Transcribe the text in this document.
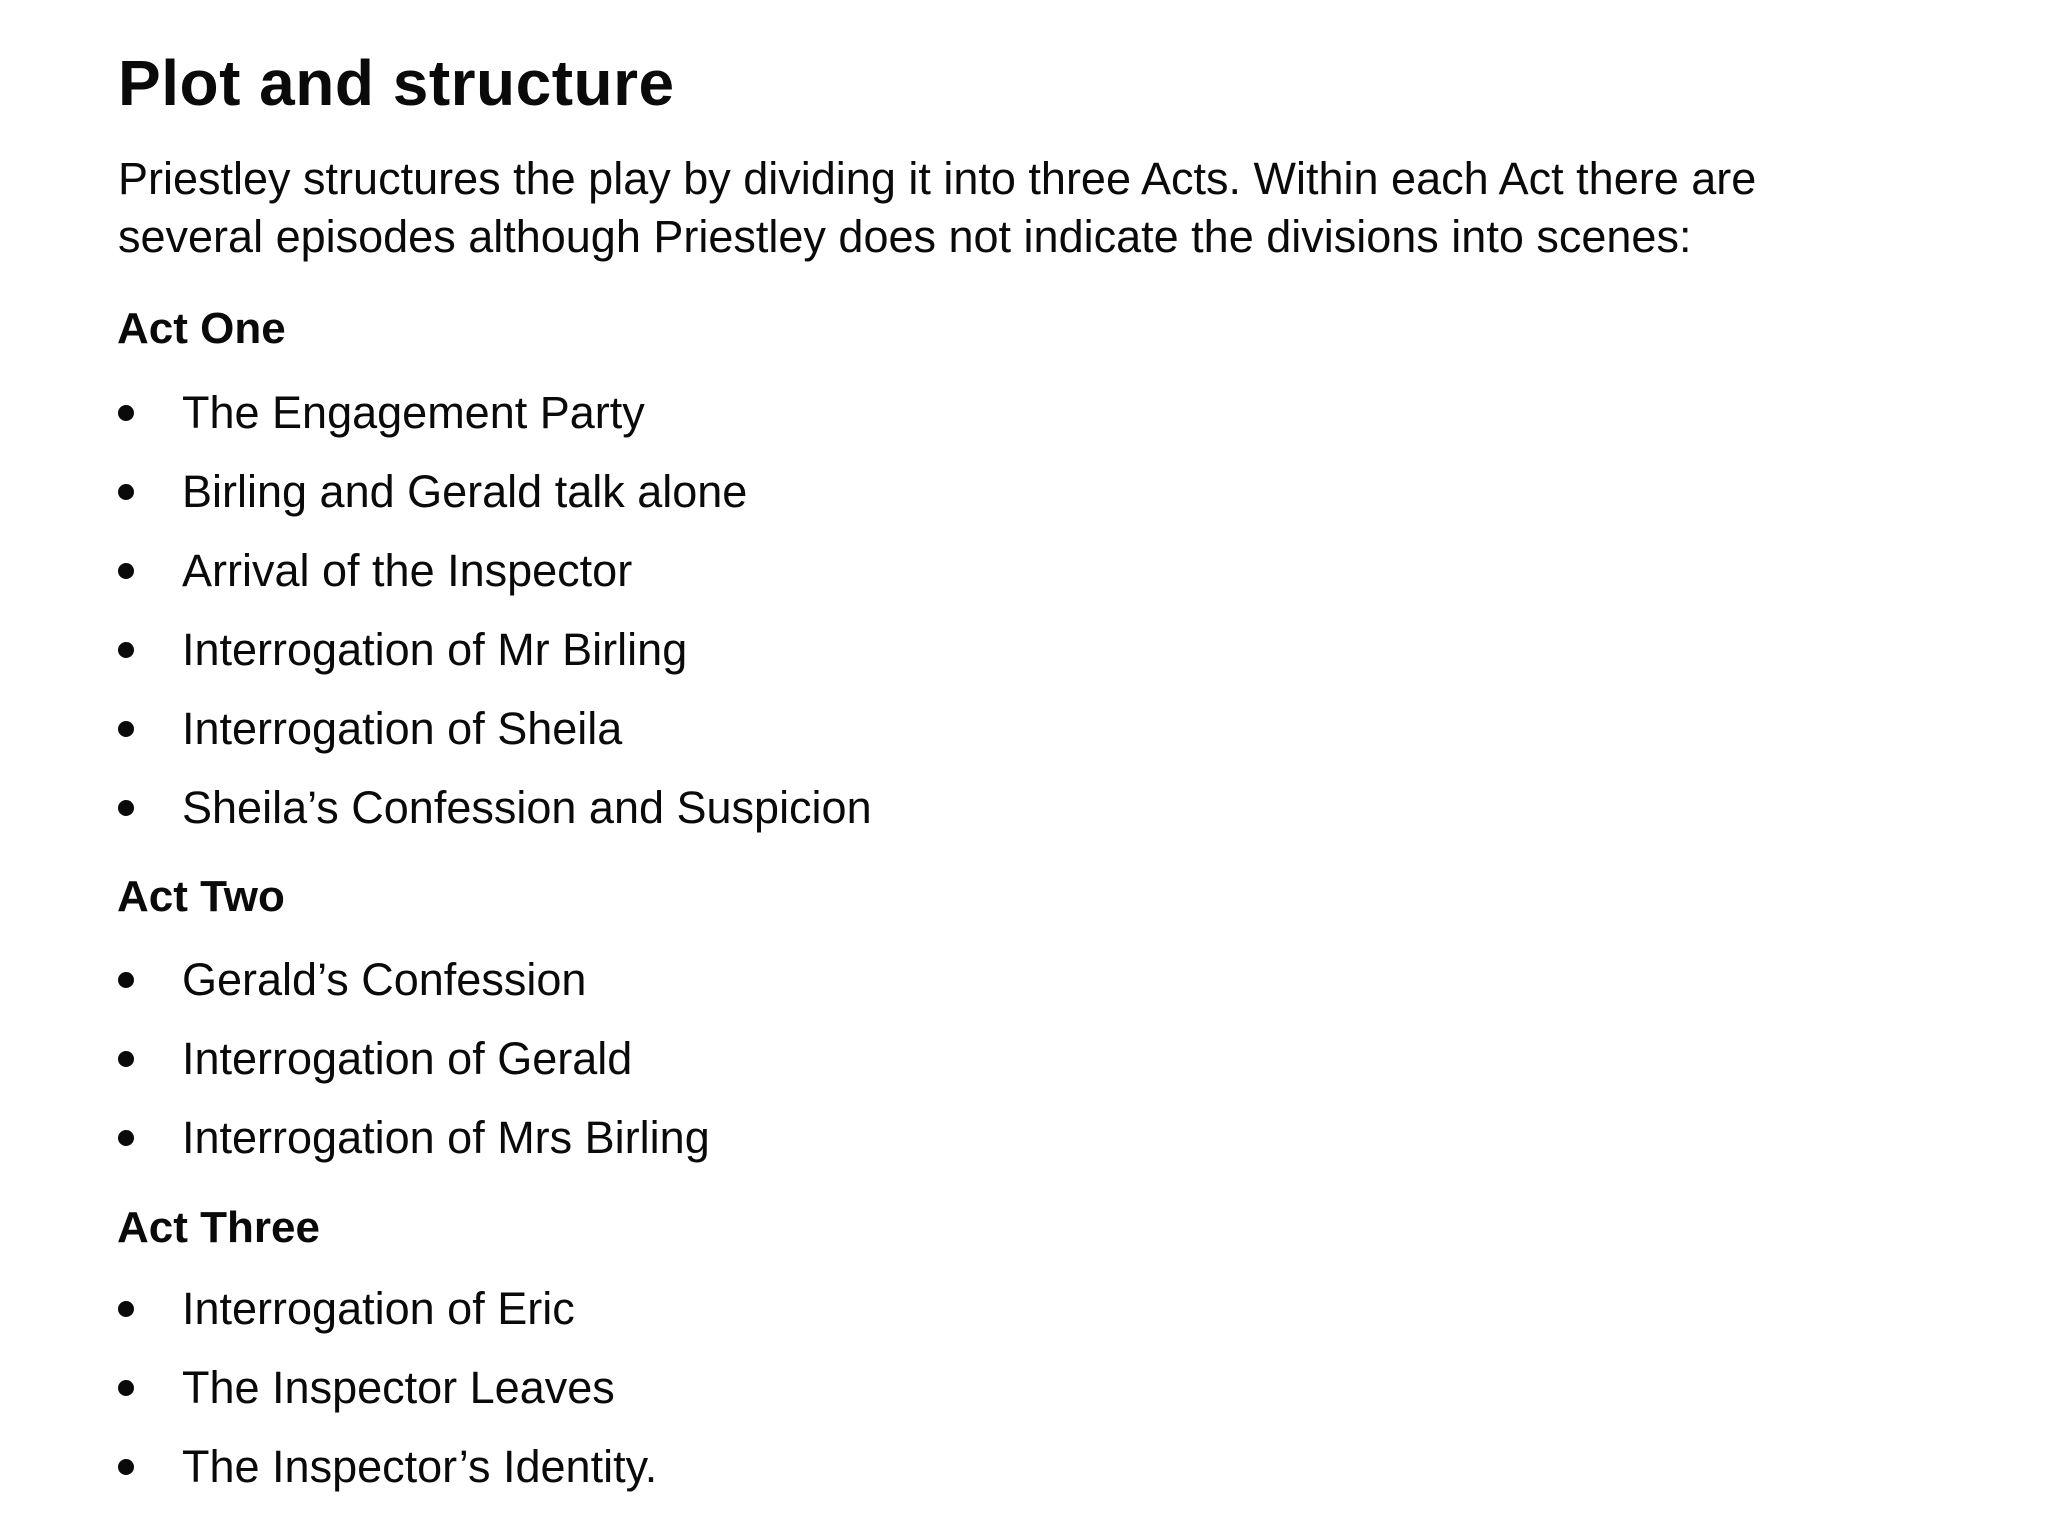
Plot and structure

Priestley structures the play by dividing it into three Acts. Within each Act there are
several episodes although Priestley does not indicate the divisions into scenes:

Act One
The Engagement Party
Birling and Gerald talk alone
Arrival of the Inspector
Interrogation of Mr Birling
Interrogation of Sheila
Sheila’s Confession and Suspicion
Act Two
Gerald’s Confession
Interrogation of Gerald
Interrogation of Mrs Birling
Act Three
Interrogation of Eric
The Inspector Leaves
The Inspector’s Identity.
